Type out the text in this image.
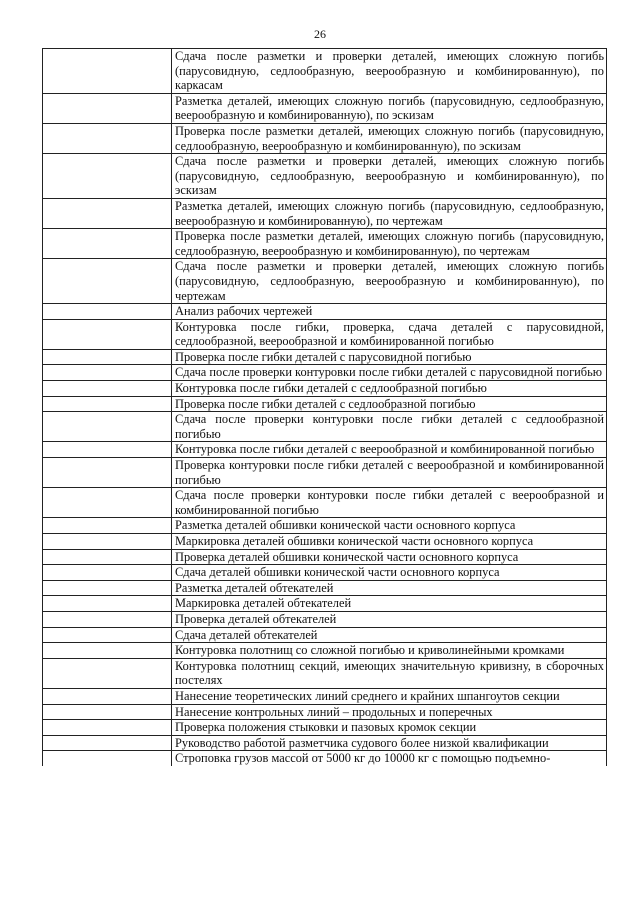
26
	Сдача после разметки и проверки деталей, имеющих сложную погибь (парусовидную, седлообразную, веерообразную и комбинированную), по каркасам
	Разметка деталей, имеющих сложную погибь (парусовидную, седлообразную, веерообразную и комбинированную), по эскизам
	Проверка после разметки деталей, имеющих сложную погибь (парусовидную, седлообразную, веерообразную и комбинированную), по эскизам
	Сдача после разметки и проверки деталей, имеющих сложную погибь (парусовидную, седлообразную, веерообразную и комбинированную), по эскизам
	Разметка деталей, имеющих сложную погибь (парусовидную, седлообразную, веерообразную и комбинированную), по чертежам
	Проверка после разметки деталей, имеющих сложную погибь (парусовидную, седлообразную, веерообразную и комбинированную), по чертежам
	Сдача после разметки и проверки деталей, имеющих сложную погибь (парусовидную, седлообразную, веерообразную и комбинированную), по чертежам
	Анализ рабочих чертежей
	Контуровка после гибки, проверка, сдача деталей с парусовидной, седлообразной, веерообразной и комбинированной погибью
	Проверка после гибки деталей с парусовидной погибью
	Сдача после проверки контуровки после гибки деталей с парусовидной погибью
	Контуровка после гибки деталей с седлообразной погибью
	Проверка после гибки деталей с седлообразной погибью
	Сдача после проверки контуровки после гибки деталей с седлообразной погибью
	Контуровка после гибки деталей с веерообразной и комбинированной погибью
	Проверка контуровки после гибки деталей с веерообразной и комбинированной погибью
	Сдача после проверки контуровки после гибки деталей с веерообразной и комбинированной погибью
	Разметка деталей обшивки конической части основного корпуса
	Маркировка деталей обшивки конической части основного корпуса
	Проверка деталей обшивки конической части основного корпуса
	Сдача деталей обшивки конической части основного корпуса
	Разметка деталей обтекателей
	Маркировка деталей обтекателей
	Проверка деталей обтекателей
	Сдача деталей обтекателей
	Контуровка полотнищ со сложной погибью и криволинейными кромками
	Контуровка полотнищ секций, имеющих значительную кривизну, в сборочных постелях
	Нанесение теоретических линий среднего и крайних шпангоутов секции
	Нанесение контрольных линий – продольных и поперечных
	Проверка положения стыковки и пазовых кромок секции
	Руководство работой разметчика судового более низкой квалификации
	Строповка грузов массой от 5000 кг до 10000 кг с помощью подъемно-
